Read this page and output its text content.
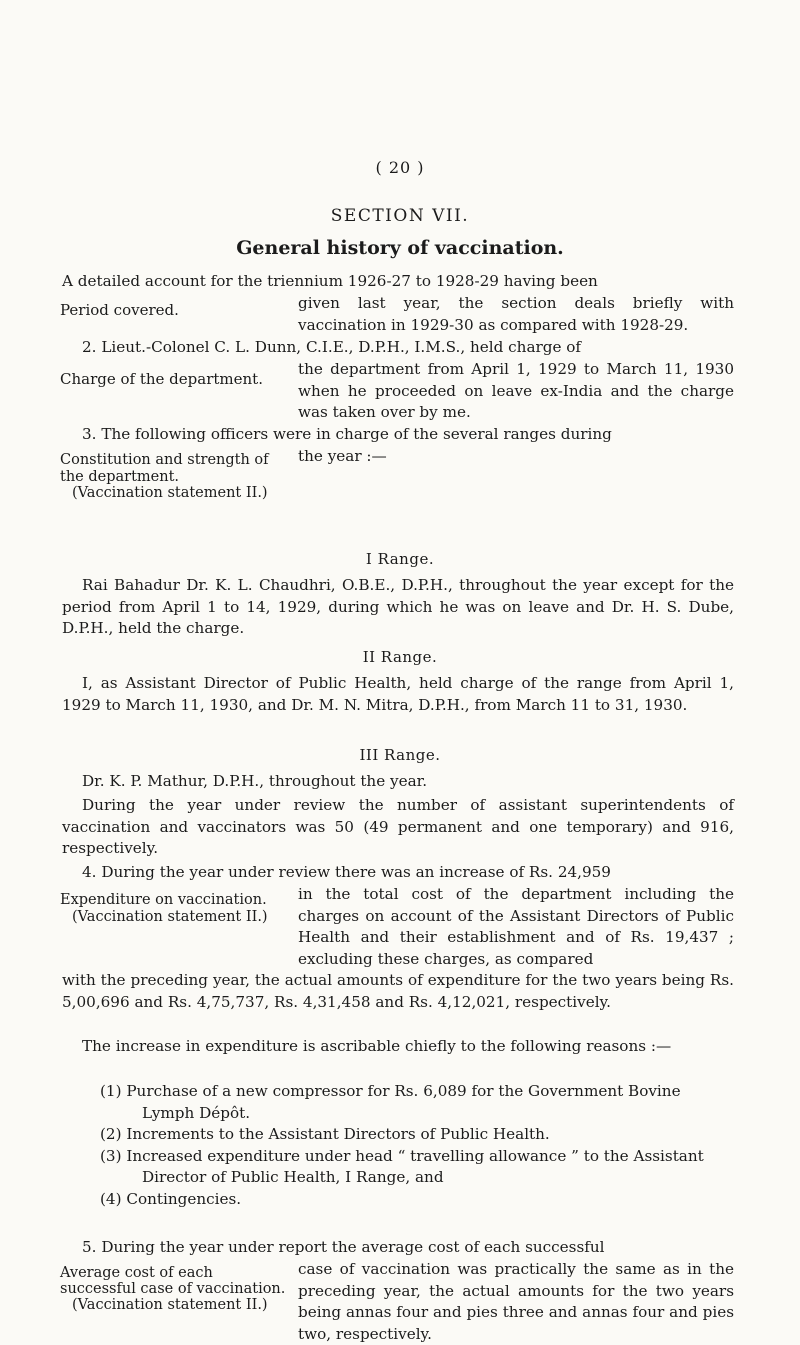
( 20 )
SECTION VII.
General history of vaccination.

A detailed account for the triennium 1926-27 to 1928-29 having been

given last year, the section deals briefly with vaccination in 1929-30 as compared with 1928-29.

Period covered.

2. Lieut.-Colonel C. L. Dunn, C.I.E., D.P.H., I.M.S., held charge of

the department from April 1, 1929 to March 11, 1930 when he proceeded on leave ex-India and the charge was taken over by me.

Charge of the department.

3. The following officers were in charge of the several ranges during

the year :—

Constitution and strength of the department.
(Vaccination statement II.)
I Range.

Rai Bahadur Dr. K. L. Chaudhri, O.B.E., D.P.H., throughout the year except for the period from April 1 to 14, 1929, during which he was on leave and Dr. H. S. Dube, D.P.H., held the charge.

II Range.

I, as Assistant Director of Public Health, held charge of the range from April 1, 1929 to March 11, 1930, and Dr. M. N. Mitra, D.P.H., from March 11 to 31, 1930.

III Range.

Dr. K. P. Mathur, D.P.H., throughout the year.

During the year under review the number of assistant superintendents of vaccination and vaccinators was 50 (49 permanent and one temporary) and 916, respectively.

4. During the year under review there was an increase of Rs. 24,959

in the total cost of the department including the charges on account of the Assistant Directors of Public Health and their establishment and of Rs. 19,437 ; excluding these charges, as compared

Expenditure on vaccination.
(Vaccination statement II.)

with the preceding year, the actual amounts of expenditure for the two years being Rs. 5,00,696 and Rs. 4,75,737, Rs. 4,31,458 and Rs. 4,12,021, respectively.

The increase in expenditure is ascribable chiefly to the following reasons :—

(1) Purchase of a new compressor for Rs. 6,089 for the Government Bovine Lymph Dépôt.

(2) Increments to the Assistant Directors of Public Health.

(3) Increased expenditure under head “ travelling allowance ” to the Assistant Director of Public Health, I Range, and

(4) Contingencies.

5. During the year under report the average cost of each successful

case of vaccination was practically the same as in the preceding year, the actual amounts for the two years being annas four and pies three and annas four and pies two, respectively.

Average cost of each successful case of vaccination.
(Vaccination statement II.)
